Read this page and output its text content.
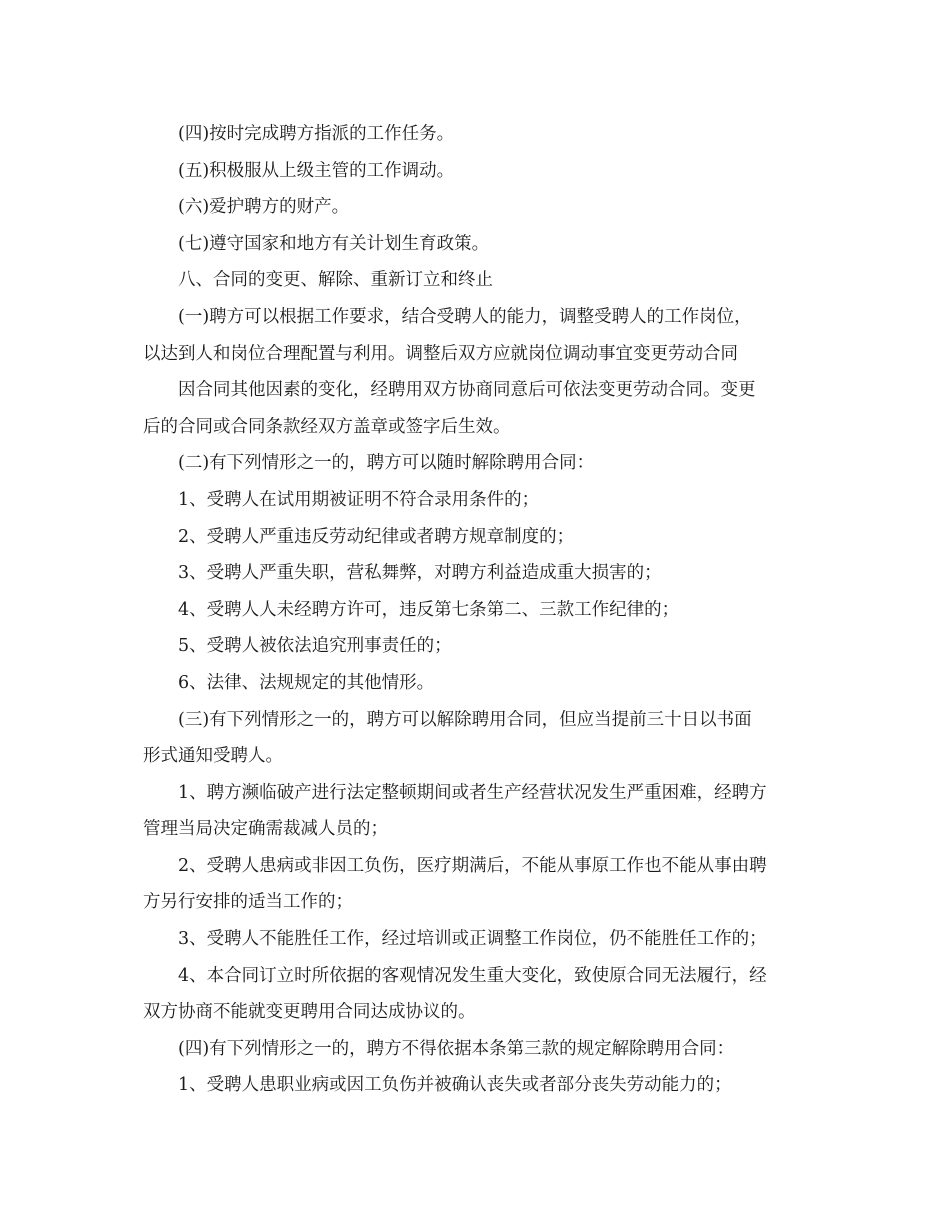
(四)按时完成聘方指派的工作任务。
(五)积极服从上级主管的工作调动。
(六)爱护聘方的财产。
(七)遵守国家和地方有关计划生育政策。
八、合同的变更、解除、重新订立和终止
(一)聘方可以根据工作要求，结合受聘人的能力，调整受聘人的工作岗位，
以达到人和岗位合理配置与利用。调整后双方应就岗位调动事宜变更劳动合同
因合同其他因素的变化，经聘用双方协商同意后可依法变更劳动合同。变更
后的合同或合同条款经双方盖章或签字后生效。
(二)有下列情形之一的，聘方可以随时解除聘用合同：
1、受聘人在试用期被证明不符合录用条件的；
2、受聘人严重违反劳动纪律或者聘方规章制度的；
3、受聘人严重失职，营私舞弊，对聘方利益造成重大损害的；
4、受聘人人未经聘方许可，违反第七条第二、三款工作纪律的；
5、受聘人被依法追究刑事责任的；
6、法律、法规规定的其他情形。
(三)有下列情形之一的，聘方可以解除聘用合同，但应当提前三十日以书面
形式通知受聘人。
1、聘方濒临破产进行法定整顿期间或者生产经营状况发生严重困难，经聘方
管理当局决定确需裁减人员的；
2、受聘人患病或非因工负伤，医疗期满后，不能从事原工作也不能从事由聘
方另行安排的适当工作的；
3、受聘人不能胜任工作，经过培训或正调整工作岗位，仍不能胜任工作的；
4、本合同订立时所依据的客观情况发生重大变化，致使原合同无法履行，经
双方协商不能就变更聘用合同达成协议的。
(四)有下列情形之一的，聘方不得依据本条第三款的规定解除聘用合同：
1、受聘人患职业病或因工负伤并被确认丧失或者部分丧失劳动能力的；
